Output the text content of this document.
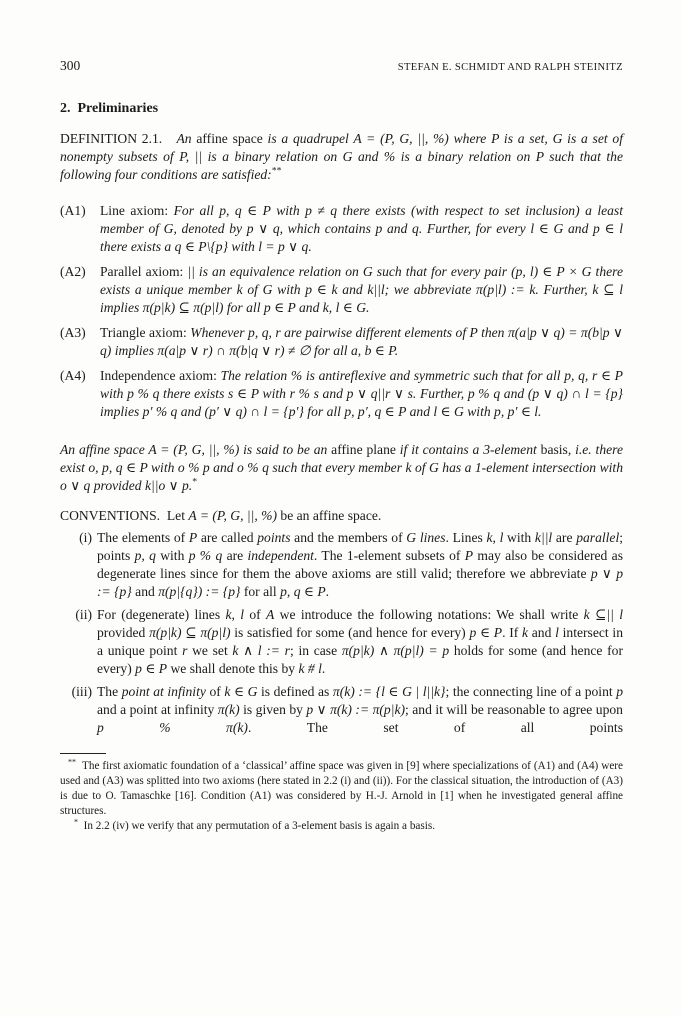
300	STEFAN E. SCHMIDT AND RALPH STEINITZ
2.  Preliminaries

DEFINITION 2.1.   An affine space is a quadrupel A = (P, G, ||, %) where P is a set, G is a set of nonempty subsets of P, || is a binary relation on G and % is a binary relation on P such that the following four conditions are satisfied:**

(A1) Line axiom: For all p, q ∈ P with p ≠ q there exists (with respect to set inclusion) a least member of G, denoted by p ∨ q, which contains p and q. Further, for every l ∈ G and p ∈ l there exists a q ∈ P\{p} with l = p ∨ q.
(A2) Parallel axiom: || is an equivalence relation on G such that for every pair (p, l) ∈ P × G there exists a unique member k of G with p ∈ k and k||l; we abbreviate π(p|l) := k. Further, k ⊆ l implies π(p|k) ⊆ π(p|l) for all p ∈ P and k, l ∈ G.
(A3) Triangle axiom: Whenever p, q, r are pairwise different elements of P then π(a|p ∨ q) = π(b|p ∨ q) implies π(a|p ∨ r) ∩ π(b|q ∨ r) ≠ ∅ for all a, b ∈ P.
(A4) Independence axiom: The relation % is antireflexive and symmetric such that for all p, q, r ∈ P with p % q there exists s ∈ P with r % s and p ∨ q||r ∨ s. Further, p % q and (p ∨ q) ∩ l = {p} implies p′ % q and (p′ ∨ q) ∩ l = {p′} for all p, p′, q ∈ P and l ∈ G with p, p′ ∈ l.

An affine space A = (P, G, ||, %) is said to be an affine plane if it contains a 3-element basis, i.e. there exist o, p, q ∈ P with o % p and o % q such that every member k of G has a 1-element intersection with o ∨ q provided k||o ∨ p.*

CONVENTIONS.  Let A = (P, G, ||, %) be an affine space.

(i) The elements of P are called points and the members of G lines. Lines k, l with k||l are parallel; points p, q with p % q are independent. The 1-element subsets of P may also be considered as degenerate lines since for them the above axioms are still valid; therefore we abbreviate p ∨ p := {p} and π(p|{q}) := {p} for all p, q ∈ P.
(ii) For (degenerate) lines k, l of A we introduce the following notations: We shall write k ⊆|| l provided π(p|k) ⊆ π(p|l) is satisfied for some (and hence for every) p ∈ P. If k and l intersect in a unique point r we set k ∧ l := r; in case π(p|k) ∧ π(p|l) = p holds for some (and hence for every) p ∈ P we shall denote this by k # l.
(iii) The point at infinity of k ∈ G is defined as π(k) := {l ∈ G | l||k}; the connecting line of a point p and a point at infinity π(k) is given by p ∨ π(k) := π(p|k); and it will be reasonable to agree upon p % π(k). The set of all points

**  The first axiomatic foundation of a ‘classical’ affine space was given in [9] where specializations of (A1) and (A4) were used and (A3) was splitted into two axioms (here stated in 2.2 (i) and (ii)). For the classical situation, the introduction of (A3) is due to O. Tamaschke [16]. Condition (A1) was considered by H.-J. Arnold in [1] when he investigated general affine structures.

*  In 2.2 (iv) we verify that any permutation of a 3-element basis is again a basis.
